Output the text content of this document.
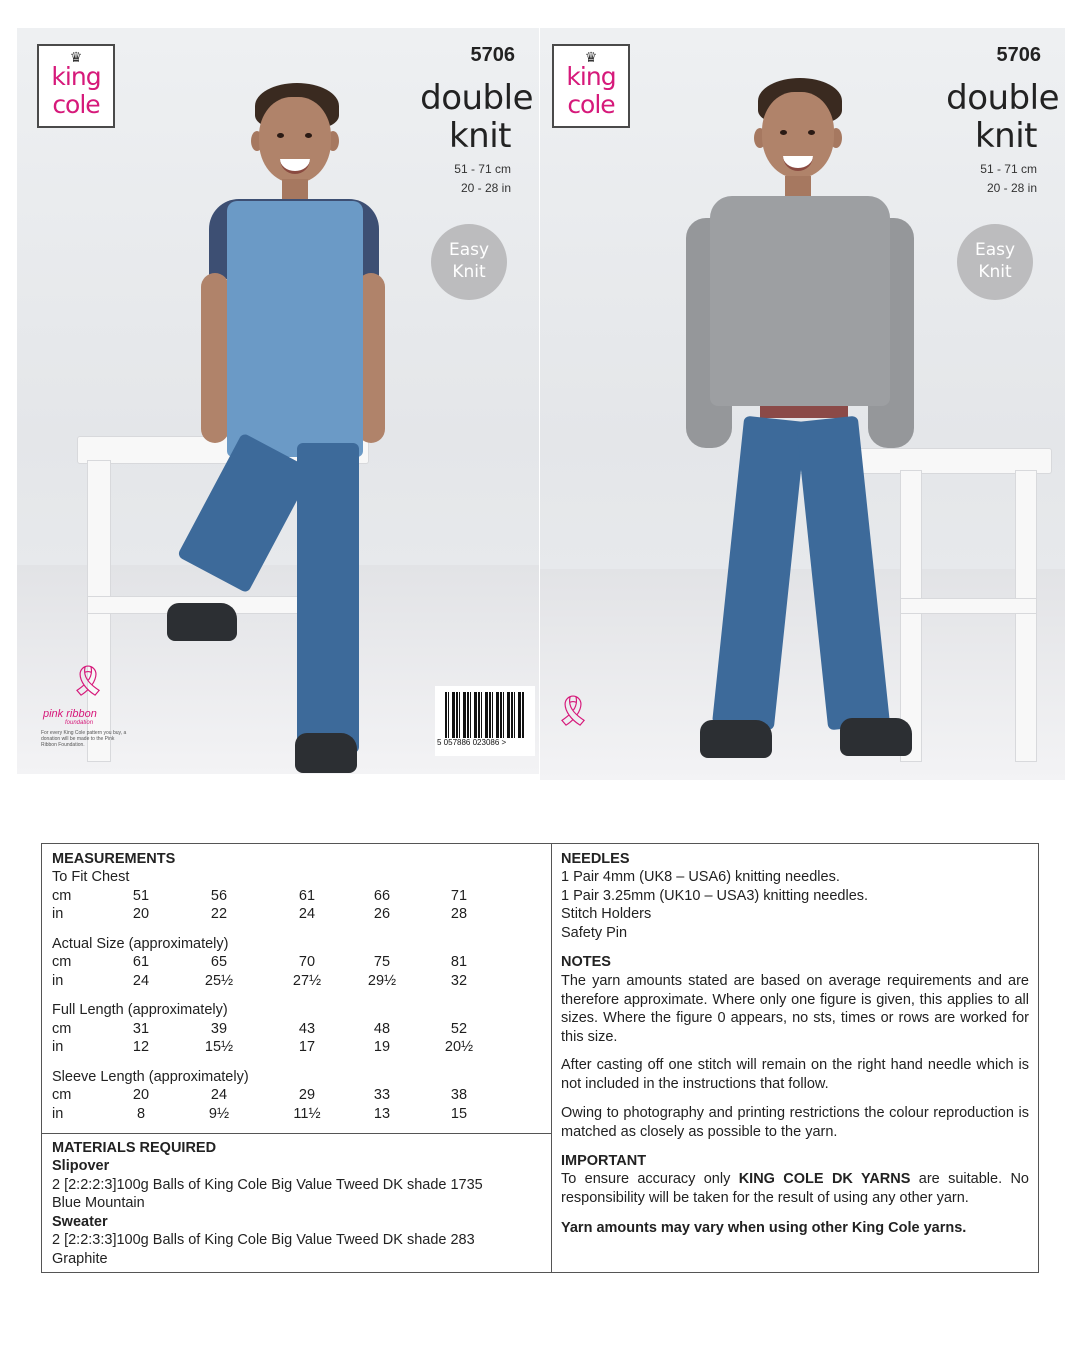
♛
king
cole
5706
double
knit
51 - 71 cm
20 - 28 in
Easy
Knit
🎗
pink ribbon
foundation
For every King Cole pattern you buy, a donation will be made to the Pink Ribbon Foundation.	5 057886 023086 >
♛
king
cole
5706
double
knit
51 - 71 cm
20 - 28 in
Easy
Knit
🎗
MEASUREMENTS
To Fit Chest
cm	51	56	61	66	71
in	20	22	24	26	28
Actual Size (approximately)
cm	61	65	70	75	81
in	24	25½	27½	29½	32
Full Length (approximately)
cm	31	39	43	48	52
in	12	15½	17	19	20½
Sleeve Length (approximately)
cm	20	24	29	33	38
in	8	9½	11½	13	15
MATERIALS REQUIRED
Slipover
2 [2:2:2:3]100g Balls of King Cole Big Value Tweed DK shade 1735
Blue Mountain
Sweater
2 [2:2:3:3]100g Balls of King Cole Big Value Tweed DK shade 283
Graphite
NEEDLES
1 Pair 4mm (UK8 – USA6) knitting needles.
1 Pair 3.25mm (UK10 – USA3) knitting needles.
Stitch Holders
Safety Pin
NOTES
The yarn amounts stated are based on average requirements and are therefore approximate. Where only one figure is given, this applies to all sizes. Where the figure 0 appears, no sts, times or rows are worked for this size.
After casting off one stitch will remain on the right hand needle which is not included in the instructions that follow.
Owing to photography and printing restrictions the colour reproduction is matched as closely as possible to the yarn.
IMPORTANT
To ensure accuracy only KING COLE DK YARNS are suitable. No responsibility will be taken for the result of using any other yarn.
Yarn amounts may vary when using other King Cole yarns.
